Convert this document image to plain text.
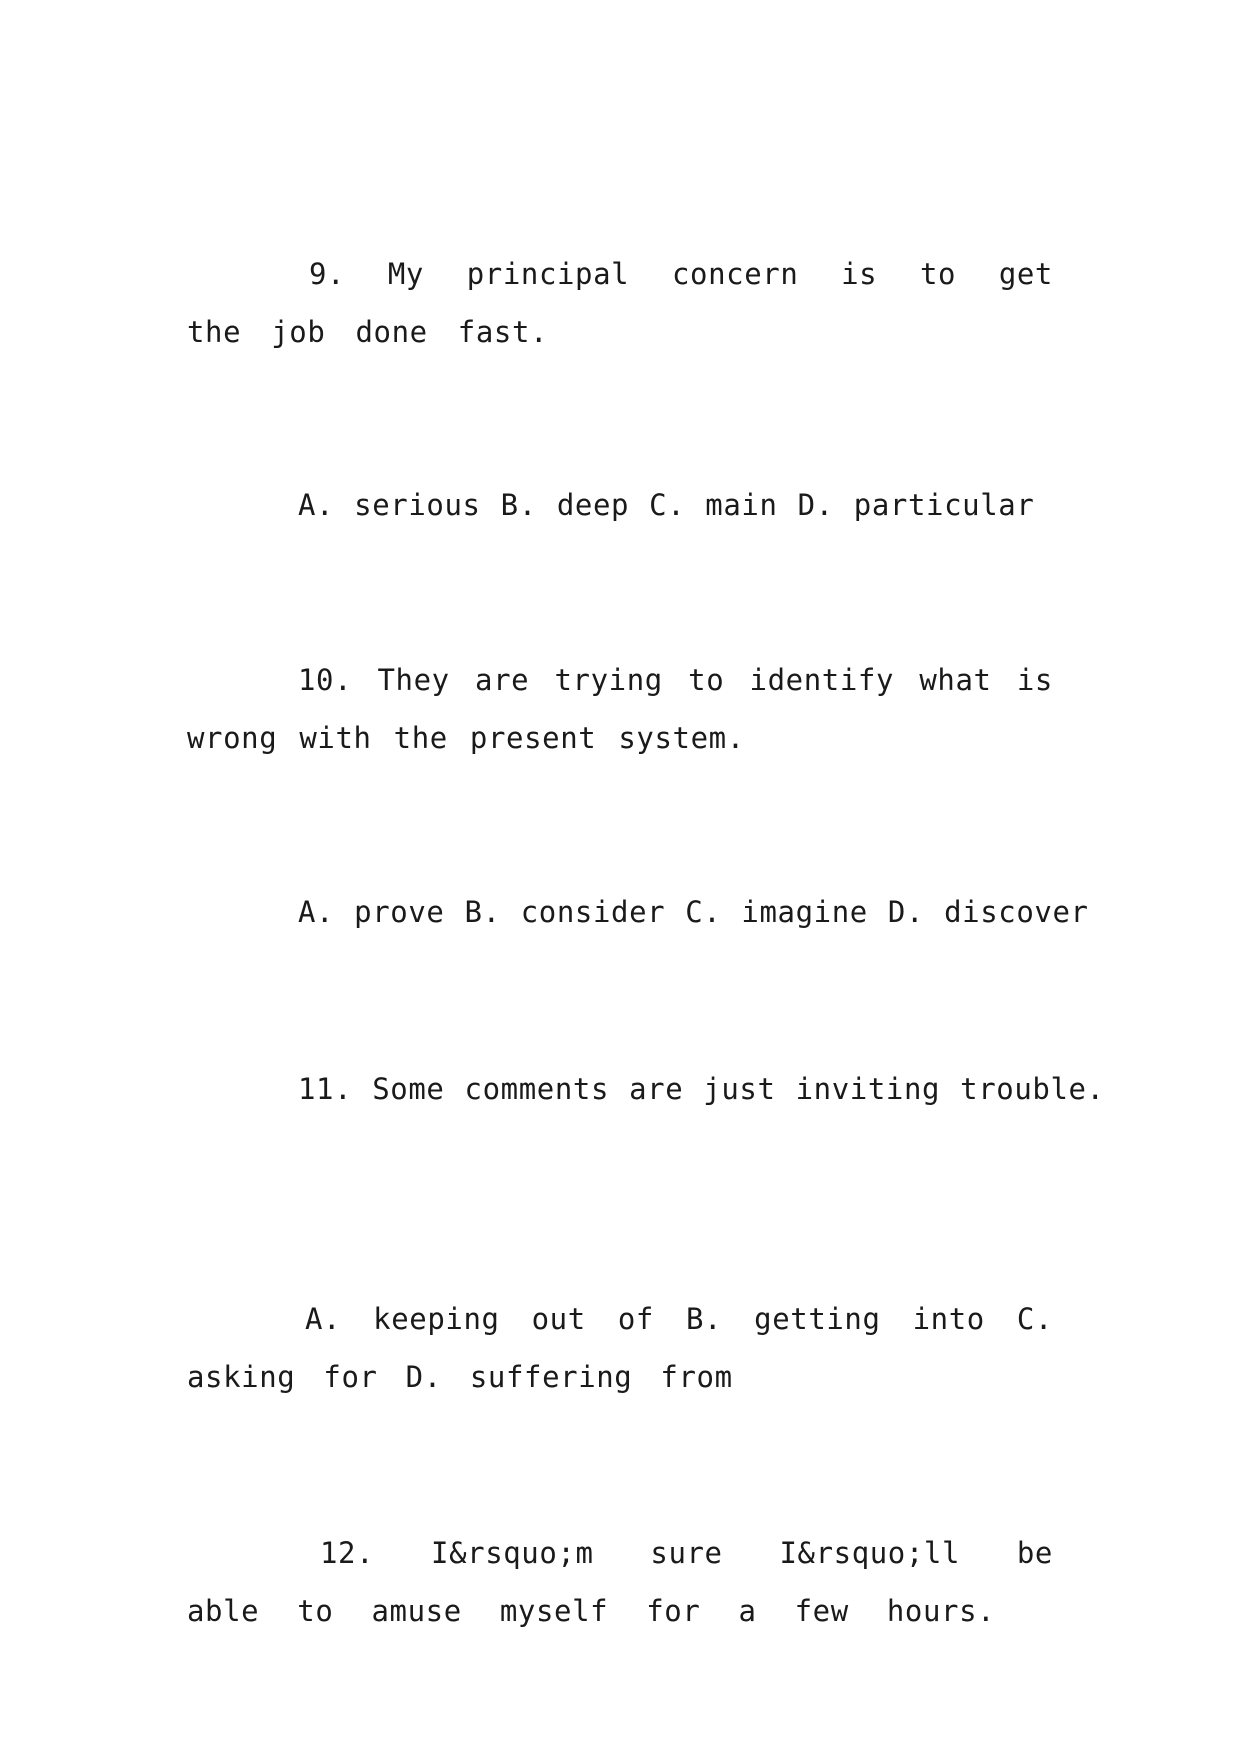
9. My principal concern is to get the job done fast.

A. serious B. deep C. main D. particular

10. They are trying to identify what is wrong with the present system.

A. prove B. consider C. imagine D. discover

11. Some comments are just inviting trouble.

A. keeping out of B. getting into C. asking for D. suffering from

12. I&rsquo;m sure I&rsquo;ll be able to amuse myself for a few hours.
